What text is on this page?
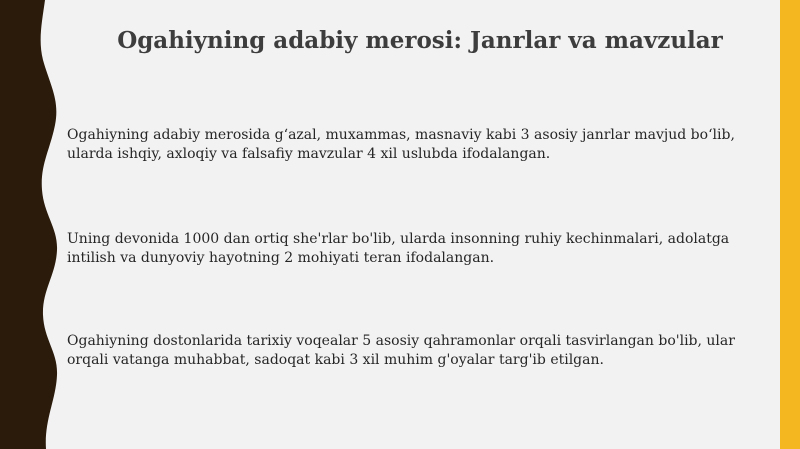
Ogahiyning adabiy merosi: Janrlar va mavzular

Ogahiyning adabiy merosida g‘azal, muxammas, masnaviy kabi 3 asosiy janrlar mavjud bo‘lib, ularda ishqiy, axloqiy va falsafiy mavzular 4 xil uslubda ifodalangan.

Uning devonida 1000 dan ortiq she'rlar bo'lib, ularda insonning ruhiy kechinmalari, adolatga intilish va dunyoviy hayotning 2 mohiyati teran ifodalangan.

Ogahiyning dostonlarida tarixiy voqealar 5 asosiy qahramonlar orqali tasvirlangan bo'lib, ular orqali vatanga muhabbat, sadoqat kabi 3 xil muhim g'oyalar targ'ib etilgan.
